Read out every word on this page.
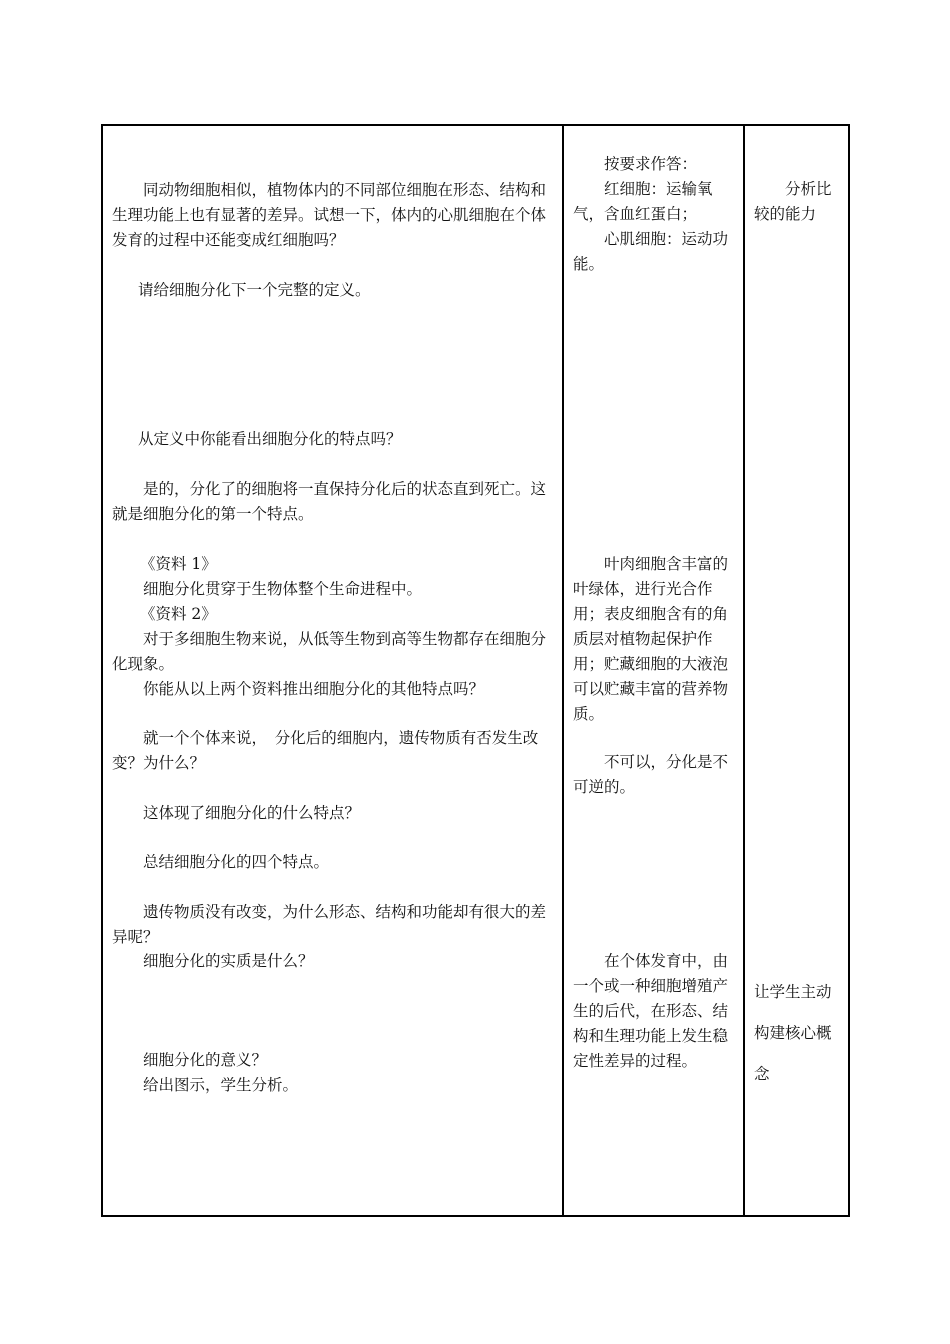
同动物细胞相似，植物体内的不同部位细胞在形态、结构和生理功能上也有显著的差异。试想一下，体内的心肌细胞在个体发育的过程中还能变成红细胞吗？

请给细胞分化下一个完整的定义。

从定义中你能看出细胞分化的特点吗？

是的，分化了的细胞将一直保持分化后的状态直到死亡。这就是细胞分化的第一个特点。

《资料 1》

细胞分化贯穿于生物体整个生命进程中。

《资料 2》

对于多细胞生物来说，从低等生物到高等生物都存在细胞分化现象。

你能从以上两个资料推出细胞分化的其他特点吗？

就一个个体来说，　分化后的细胞内，遗传物质有否发生改变？为什么？

这体现了细胞分化的什么特点？

总结细胞分化的四个特点。

遗传物质没有改变，为什么形态、结构和功能却有很大的差异呢？

细胞分化的实质是什么？

细胞分化的意义？

给出图示，学生分析。

按要求作答：

红细胞：运输氧气，含血红蛋白；

心肌细胞：运动功能。

叶肉细胞含丰富的叶绿体，进行光合作用；表皮细胞含有的角质层对植物起保护作用；贮藏细胞的大液泡可以贮藏丰富的营养物质。

不可以，分化是不可逆的。

在个体发育中，由一个或一种细胞增殖产生的后代，在形态、结构和生理功能上发生稳定性差异的过程。

分析比较的能力

让学生主动构建核心概念
